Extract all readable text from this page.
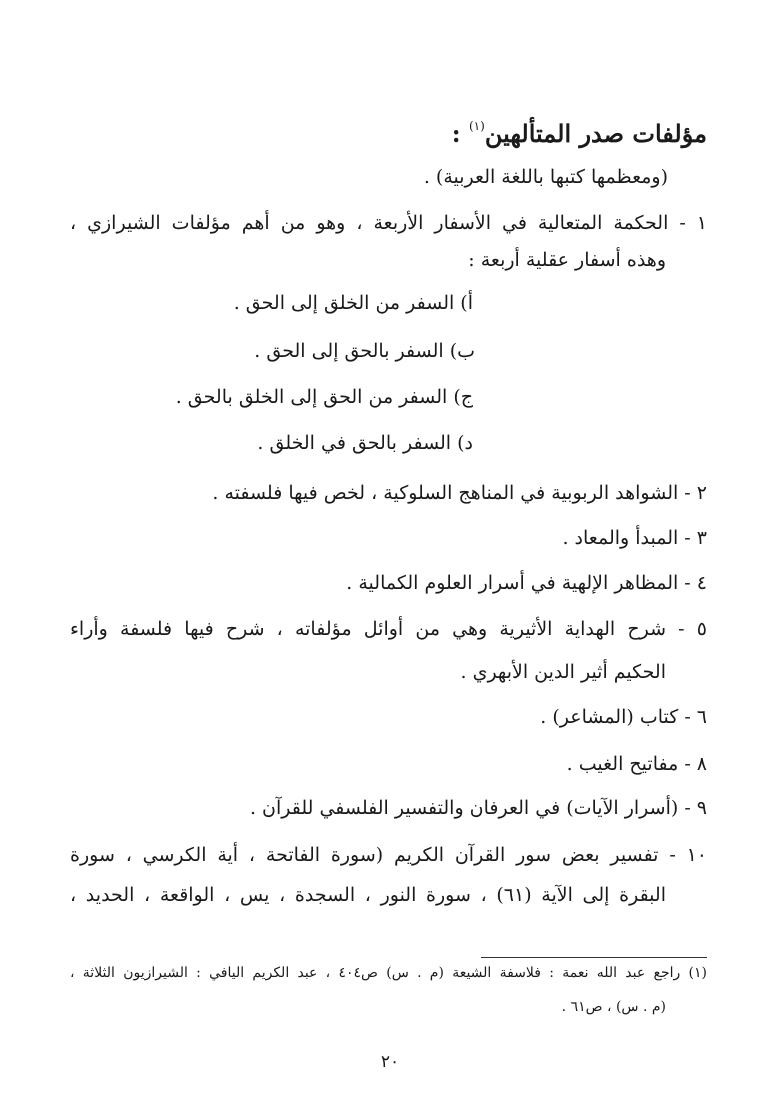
مؤلفات صدر المتألهين$^{(١)}$ :
(ومعظمها كتبها باللغة العربية) .
١ - الحكمة المتعالية في الأسفار الأربعة ، وهو من أهم مؤلفات الشيرازي ،
وهذه أسفار عقلية أربعة :
أ) السفر من الخلق إلى الحق .
ب) السفر بالحق إلى الحق .
ج) السفر من الحق إلى الخلق بالحق .
د) السفر بالحق في الخلق .
٢ - الشواهد الربوبية في المناهج السلوكية ، لخص فيها فلسفته .
٣ - المبدأ والمعاد .
٤ - المظاهر الإلهية في أسرار العلوم الكمالية .
٥ - شرح الهداية الأثيرية وهي من أوائل مؤلفاته ، شرح فيها فلسفة وأراء
الحكيم أثير الدين الأبهري .
٦ - كتاب (المشاعر) .
٨ - مفاتيح الغيب .
٩ - (أسرار الآيات) في العرفان والتفسير الفلسفي للقرآن .
١٠ - تفسير بعض سور القرآن الكريم (سورة الفاتحة ، أية الكرسي ، سورة
البقرة إلى الآية (٦١) ، سورة النور ، السجدة ، يس ، الواقعة ، الحديد ،
(١) راجع عبد الله نعمة : فلاسفة الشيعة (م . س) ص٤٠٤ ، عبد الكريم اليافي : الشيرازيون الثلاثة ،
(م . س) ، ص٦١ .
٢٠
